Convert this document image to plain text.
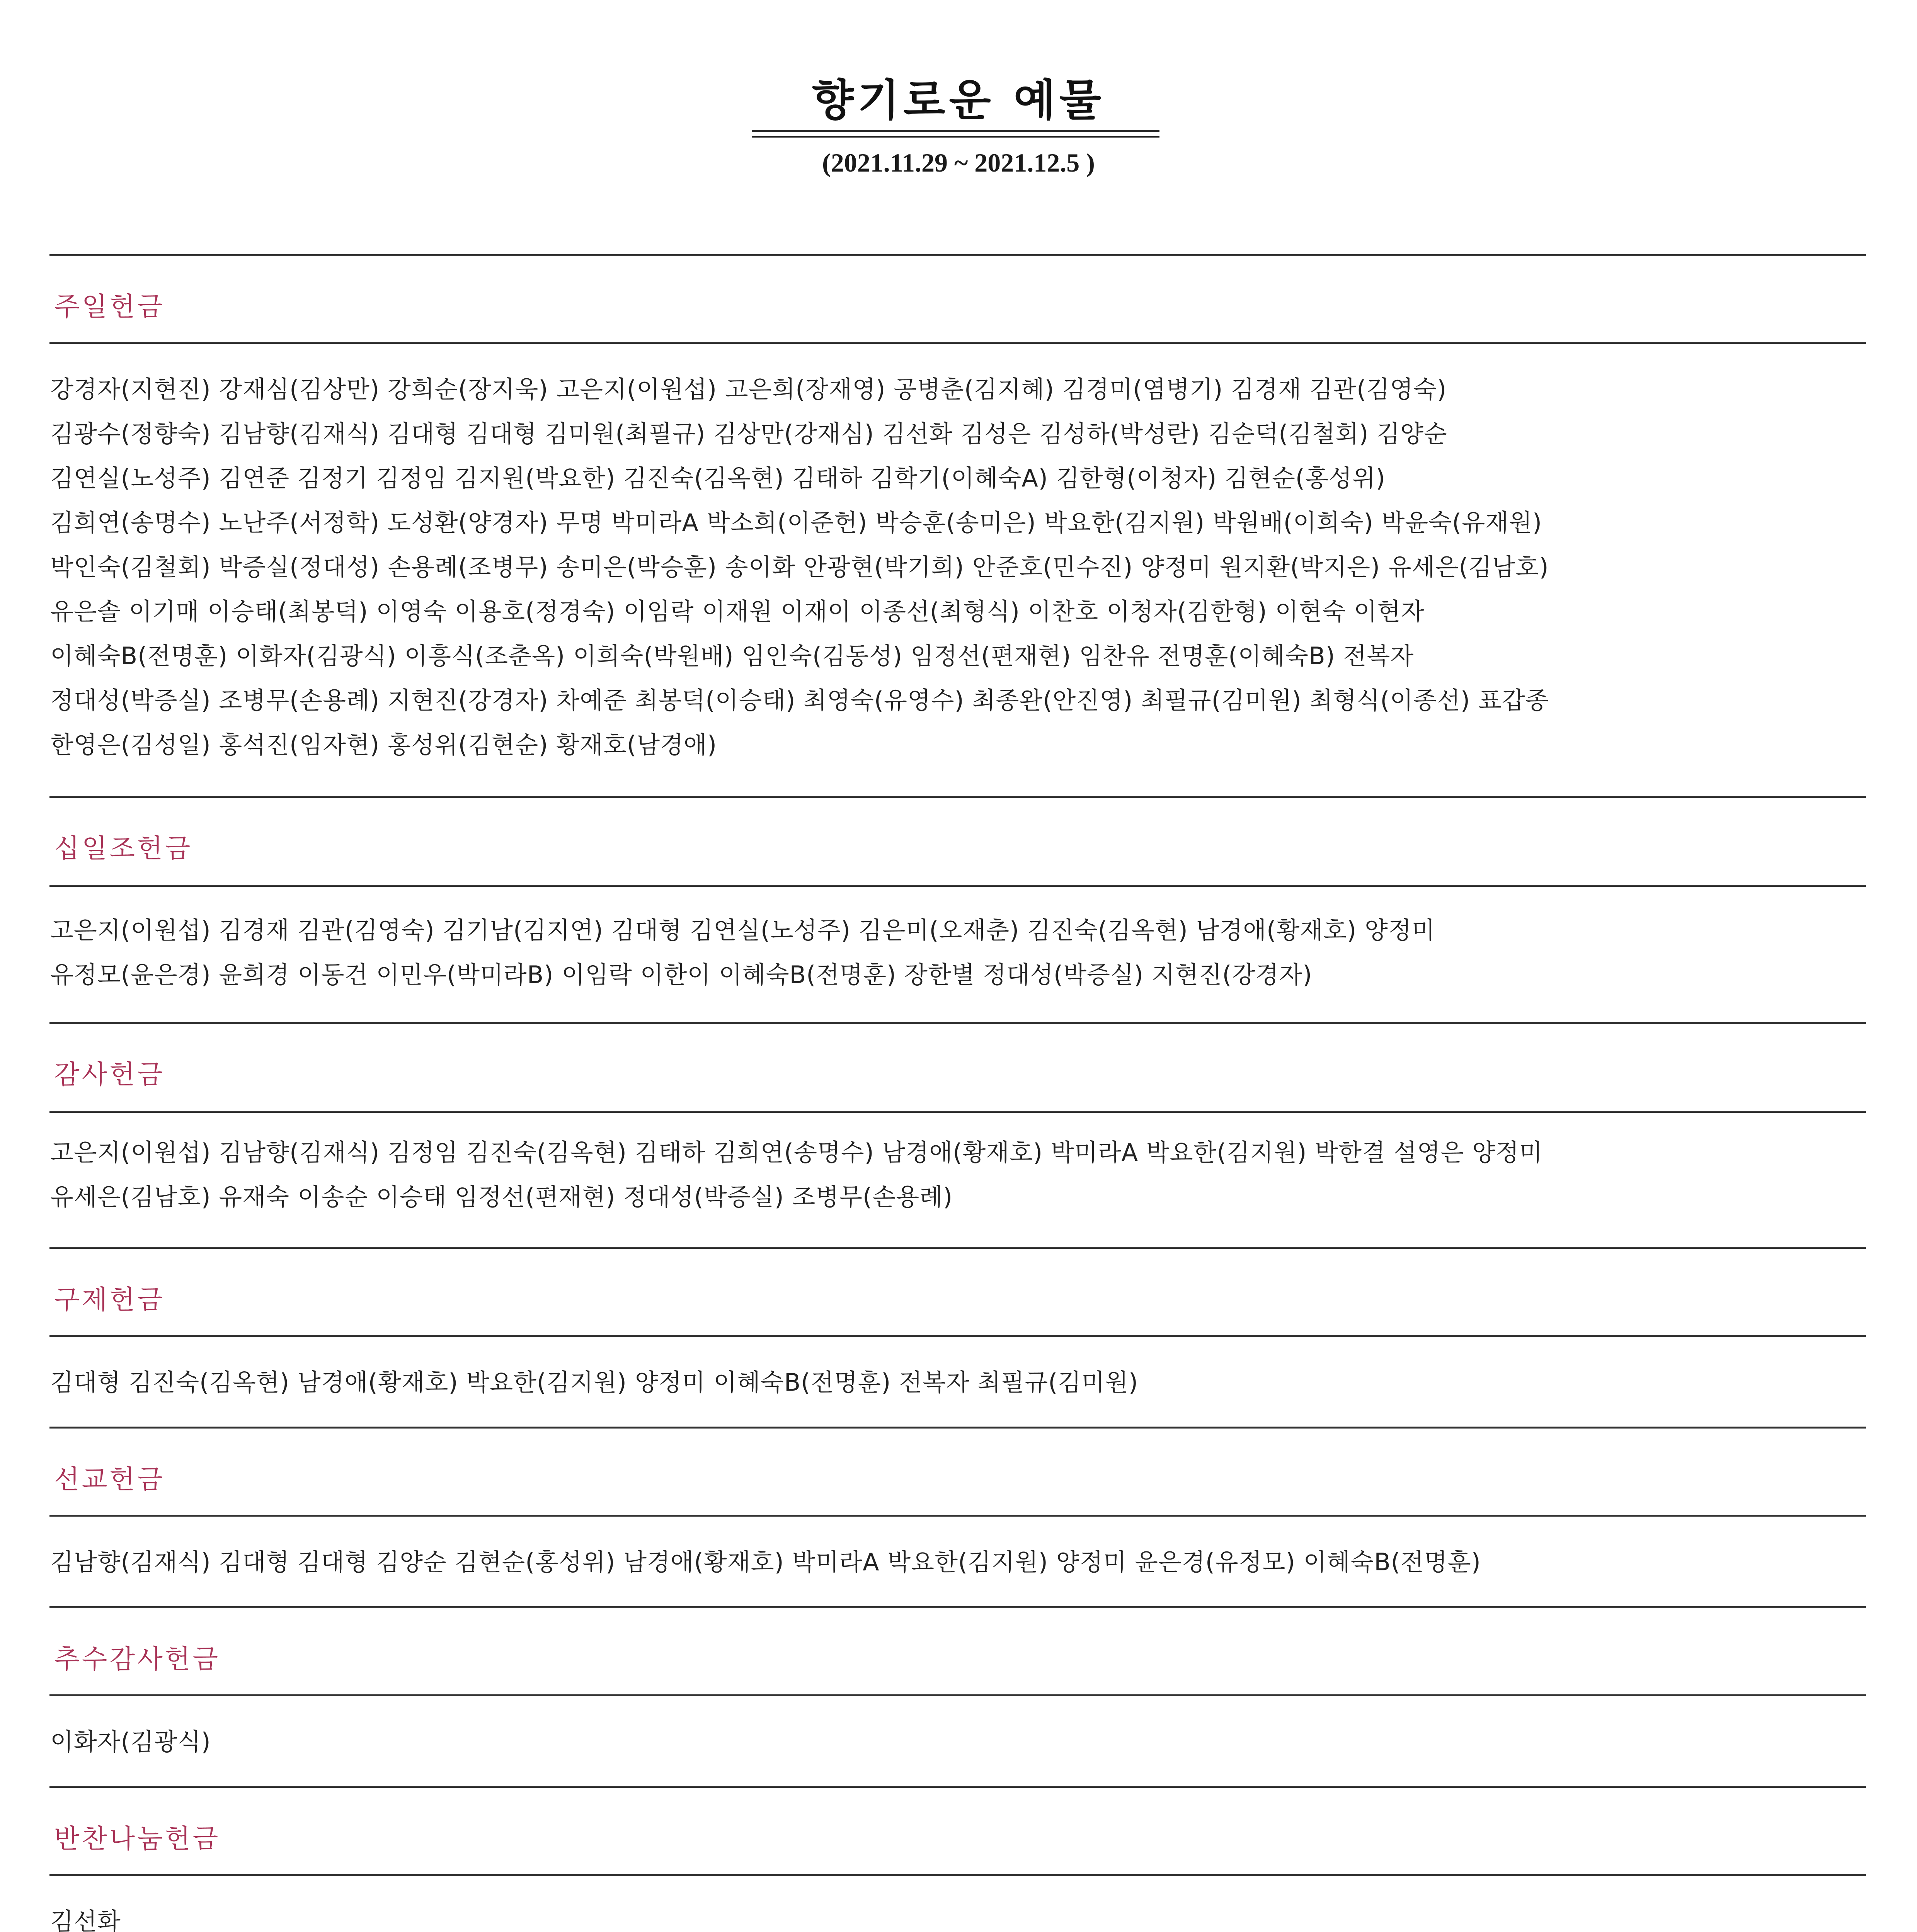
향기로운 예물
(2021.11.29 ~ 2021.12.5 )
주일헌금
강경자(지현진) 강재심(김상만) 강희순(장지욱) 고은지(이원섭) 고은희(장재영) 공병춘(김지혜) 김경미(염병기) 김경재 김관(김영숙)
김광수(정향숙) 김남향(김재식) 김대형 김대형 김미원(최필규) 김상만(강재심) 김선화 김성은 김성하(박성란) 김순덕(김철회) 김양순
김연실(노성주) 김연준 김정기 김정임 김지원(박요한) 김진숙(김옥현) 김태하 김학기(이혜숙A) 김한형(이청자) 김현순(홍성위)
김희연(송명수) 노난주(서정학) 도성환(양경자) 무명 박미라A 박소희(이준헌) 박승훈(송미은) 박요한(김지원) 박원배(이희숙) 박윤숙(유재원)
박인숙(김철회) 박증실(정대성) 손용례(조병무) 송미은(박승훈) 송이화 안광현(박기희) 안준호(민수진) 양정미 원지환(박지은) 유세은(김남호)
유은솔 이기매 이승태(최봉덕) 이영숙 이용호(정경숙) 이임락 이재원 이재이 이종선(최형식) 이찬호 이청자(김한형) 이현숙 이현자
이혜숙B(전명훈) 이화자(김광식) 이흥식(조춘옥) 이희숙(박원배) 임인숙(김동성) 임정선(편재현) 임찬유 전명훈(이혜숙B) 전복자
정대성(박증실) 조병무(손용례) 지현진(강경자) 차예준 최봉덕(이승태) 최영숙(유영수) 최종완(안진영) 최필규(김미원) 최형식(이종선) 표갑종
한영은(김성일) 홍석진(임자현) 홍성위(김현순) 황재호(남경애)
십일조헌금
고은지(이원섭) 김경재 김관(김영숙) 김기남(김지연) 김대형 김연실(노성주) 김은미(오재춘) 김진숙(김옥현) 남경애(황재호) 양정미
유정모(윤은경) 윤희경 이동건 이민우(박미라B) 이임락 이한이 이혜숙B(전명훈) 장한별 정대성(박증실) 지현진(강경자)
감사헌금
고은지(이원섭) 김남향(김재식) 김정임 김진숙(김옥현) 김태하 김희연(송명수) 남경애(황재호) 박미라A 박요한(김지원) 박한결 설영은 양정미
유세은(김남호) 유재숙 이송순 이승태 임정선(편재현) 정대성(박증실) 조병무(손용례)
구제헌금
김대형 김진숙(김옥현) 남경애(황재호) 박요한(김지원) 양정미 이혜숙B(전명훈) 전복자 최필규(김미원)
선교헌금
김남향(김재식) 김대형 김대형 김양순 김현순(홍성위) 남경애(황재호) 박미라A 박요한(김지원) 양정미 윤은경(유정모) 이혜숙B(전명훈)
추수감사헌금
이화자(김광식)
반찬나눔헌금
김선화
